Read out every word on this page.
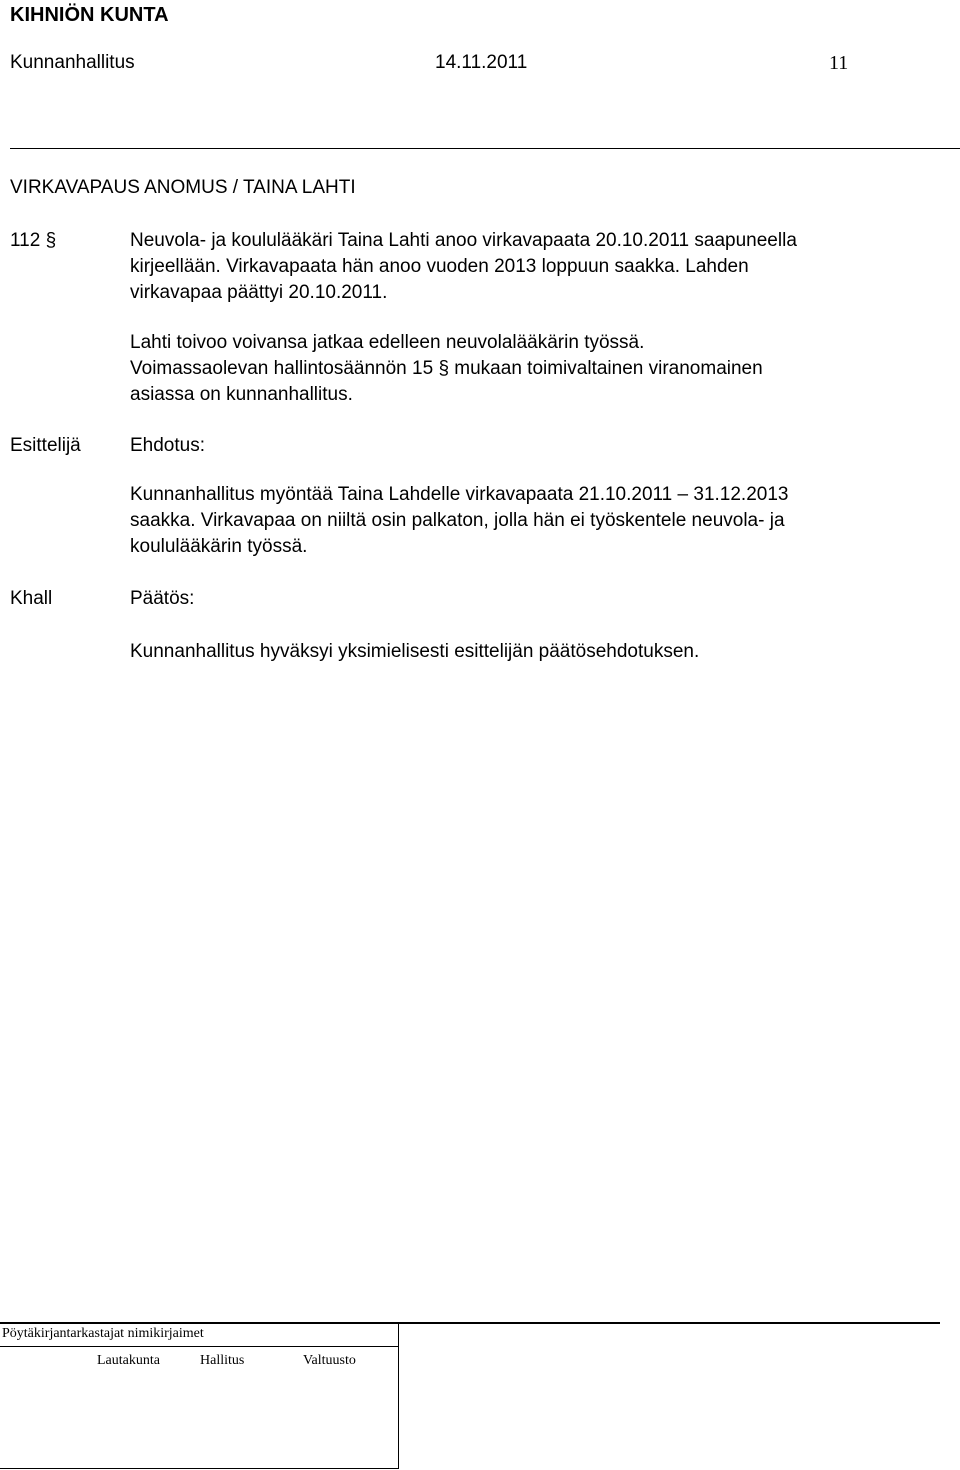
KIHNIÖN KUNTA
Kunnanhallitus	14.11.2011	11
VIRKAVAPAUS ANOMUS / TAINA LAHTI
112 §	Neuvola- ja koululääkäri Taina Lahti anoo virkavapaata 20.10.2011 saapuneella
kirjeellään. Virkavapaata hän anoo vuoden 2013 loppuun saakka. Lahden
virkavapaa päättyi 20.10.2011.
Lahti toivoo voivansa jatkaa edelleen neuvolalääkärin työssä.
Voimassaolevan hallintosäännön 15 § mukaan toimivaltainen viranomainen
asiassa on kunnanhallitus.
Esittelijä	Ehdotus:
Kunnanhallitus myöntää Taina Lahdelle virkavapaata 21.10.2011 – 31.12.2013
saakka. Virkavapaa on niiltä osin palkaton, jolla hän ei työskentele neuvola- ja
koululääkärin työssä.
Khall	Päätös:
Kunnanhallitus hyväksyi yksimielisesti esittelijän päätösehdotuksen.
Pöytäkirjantarkastajat nimikirjaimet
Lautakunta	Hallitus	Valtuusto
